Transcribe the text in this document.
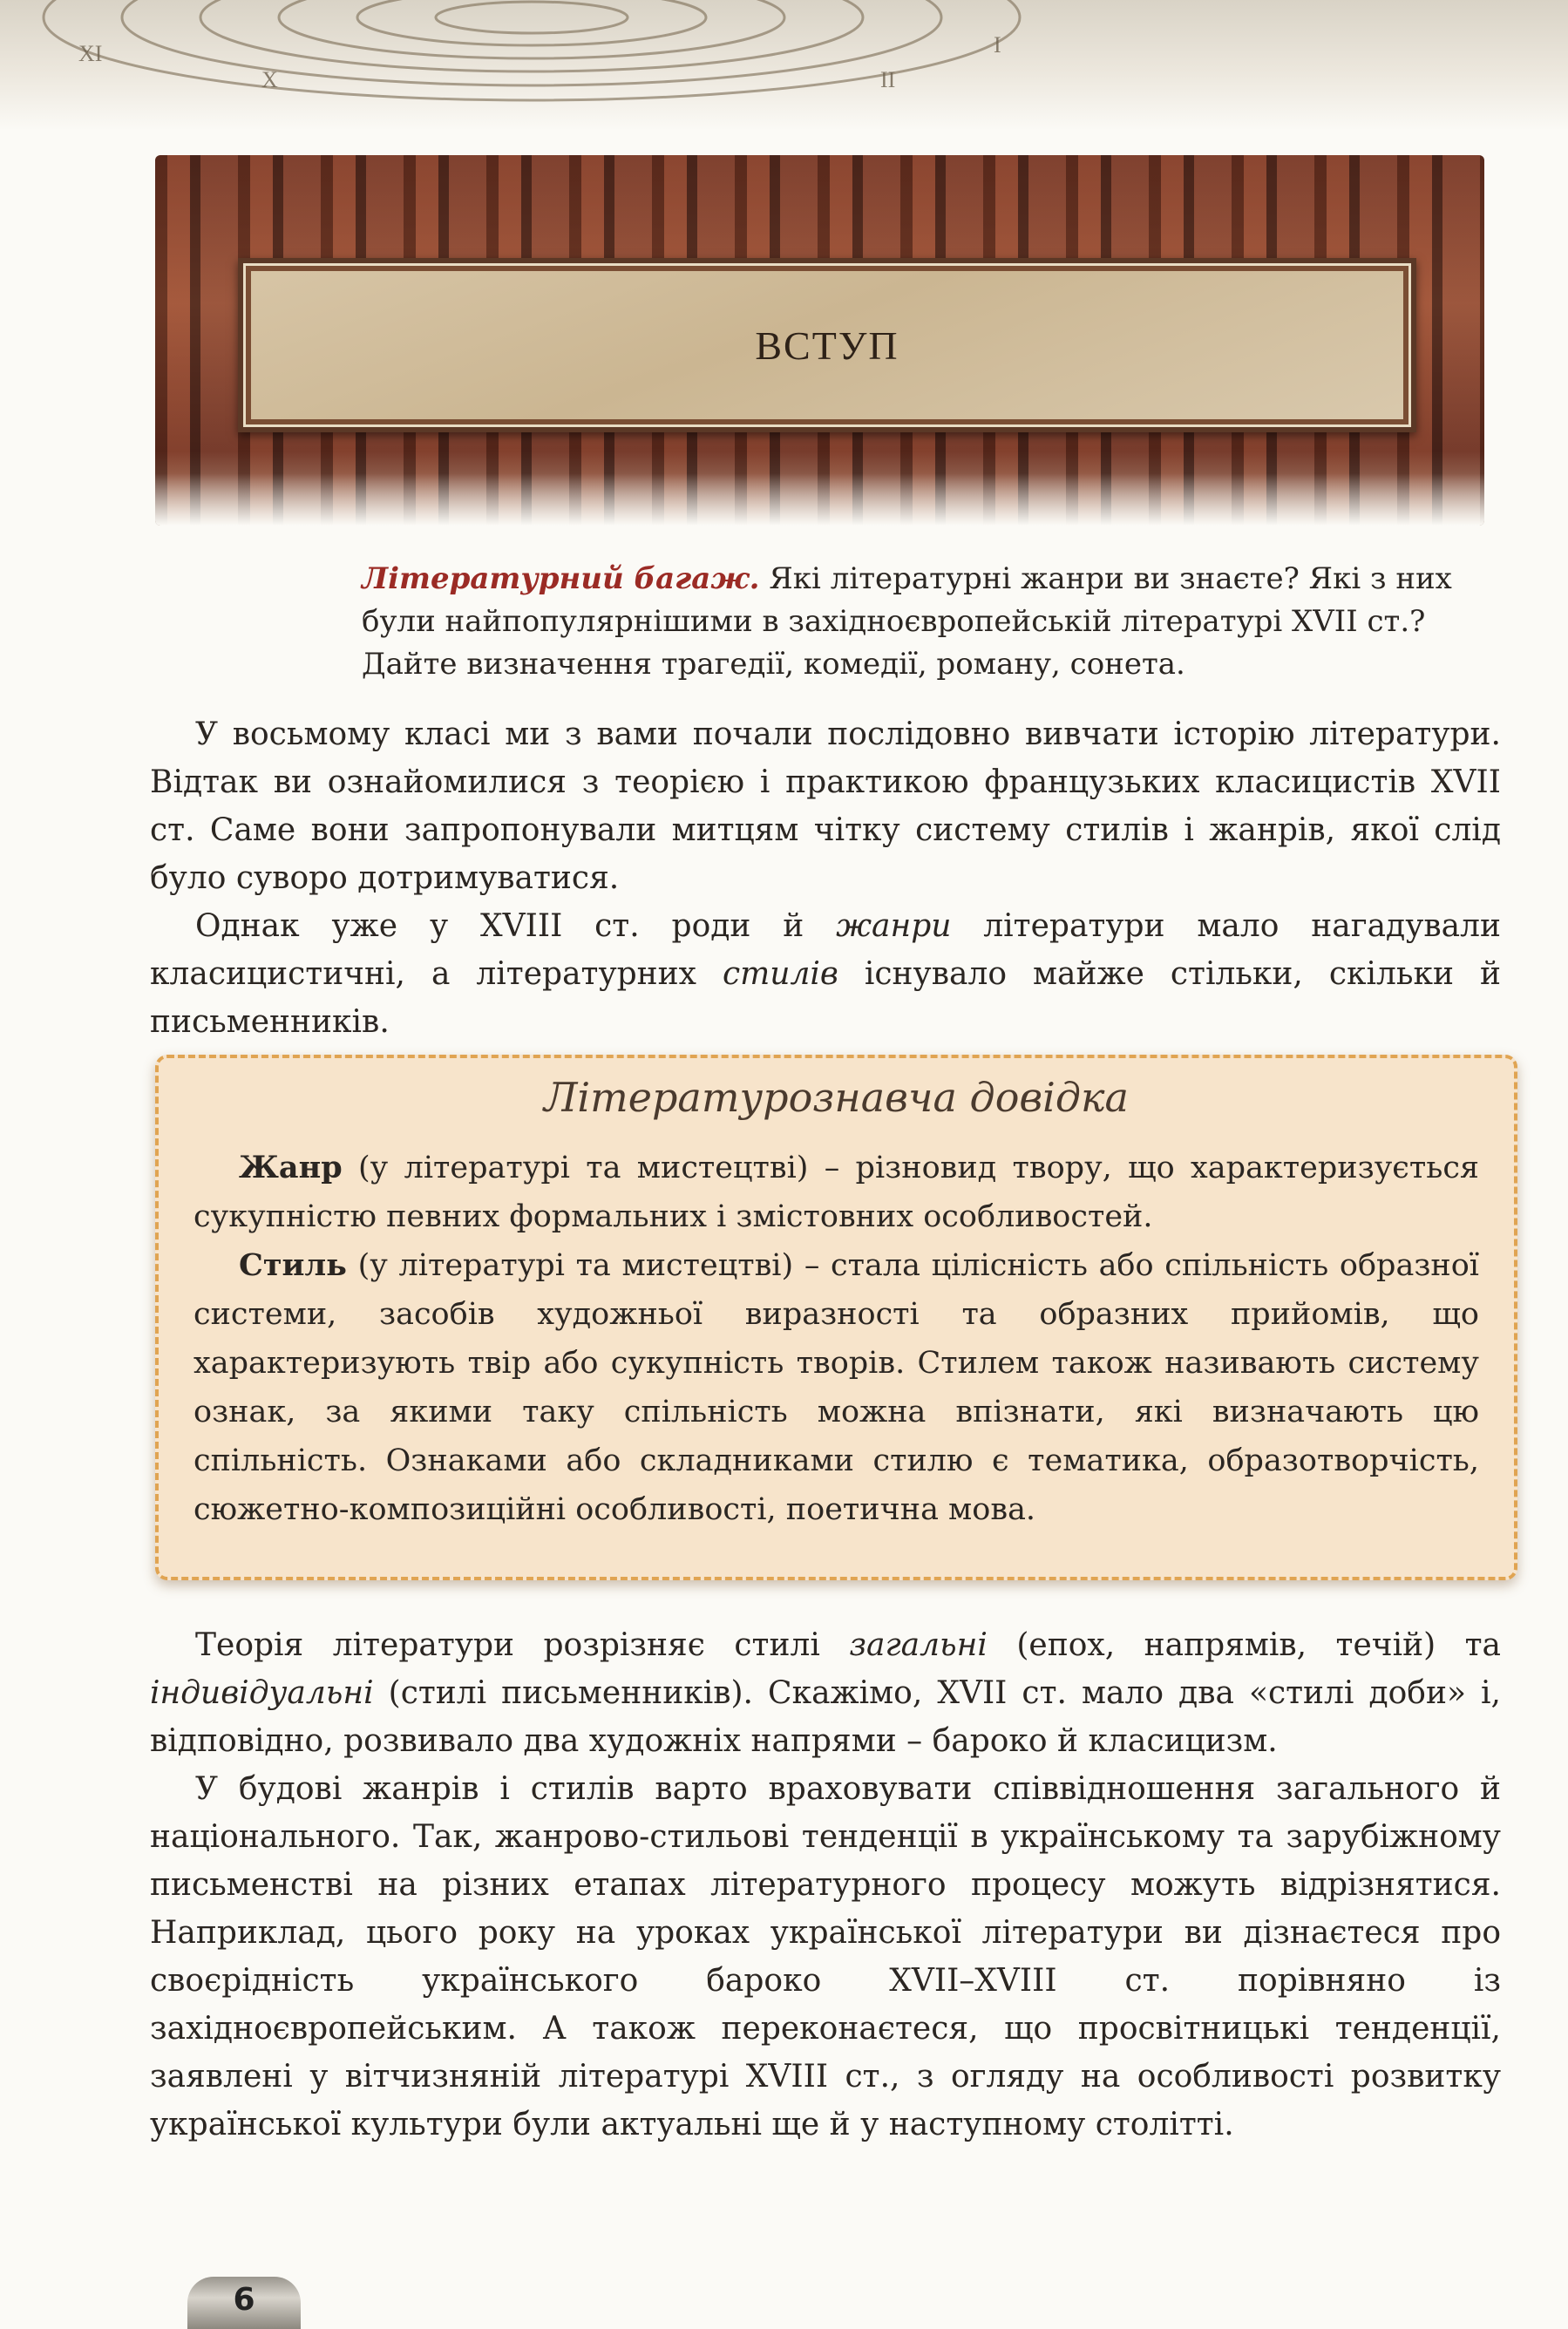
XI
X	II
I
ВСТУП
Літературний багаж. Які літературні жанри ви знаєте? Які з них були найпопулярнішими в західноєвропейській літературі XVII ст.? Дайте визначення трагедії, комедії, роману, сонета.

У восьмому класі ми з вами почали послідовно вивчати історію літератури. Відтак ви ознайомилися з теорією і практикою французьких класицистів XVII ст. Саме вони запропонували митцям чітку систему стилів і жанрів, якої слід було суворо дотримуватися.

Однак уже у XVIII ст. роди й жанри літератури мало нагадували класицистичні, а літературних стилів існувало майже стільки, скільки й письменників.

Літературознавча довідка

Жанр (у літературі та мистецтві) – різновид твору, що характеризується сукупністю певних формальних і змістовних особливостей.

Стиль (у літературі та мистецтві) – стала цілісність або спільність образної системи, засобів художньої виразності та образних прийомів, що характеризують твір або сукупність творів. Стилем також називають систему ознак, за якими таку спільність можна впізнати, які визначають цю спільність. Ознаками або складниками стилю є тематика, образотворчість, сюжетно-композиційні особливості, поетична мова.

Теорія літератури розрізняє стилі загальні (епох, напрямів, течій) та індивідуальні (стилі письменників). Скажімо, XVII ст. мало два «стилі доби» і, відповідно, розвивало два художніх напрями – бароко й класицизм.

У будові жанрів і стилів варто враховувати співвідношення загального й національного. Так, жанрово-стильові тенденції в українському та зарубіжному письменстві на різних етапах літературного процесу можуть відрізнятися. Наприклад, цього року на уроках української літератури ви дізнаєтеся про своєрідність українського бароко XVII–XVIII ст. порівняно із західноєвропейським. А також переконаєтеся, що просвітницькі тенденції, заявлені у вітчизняній літературі XVIII ст., з огляду на особливості розвитку української культури були актуальні ще й у наступному столітті.

6
